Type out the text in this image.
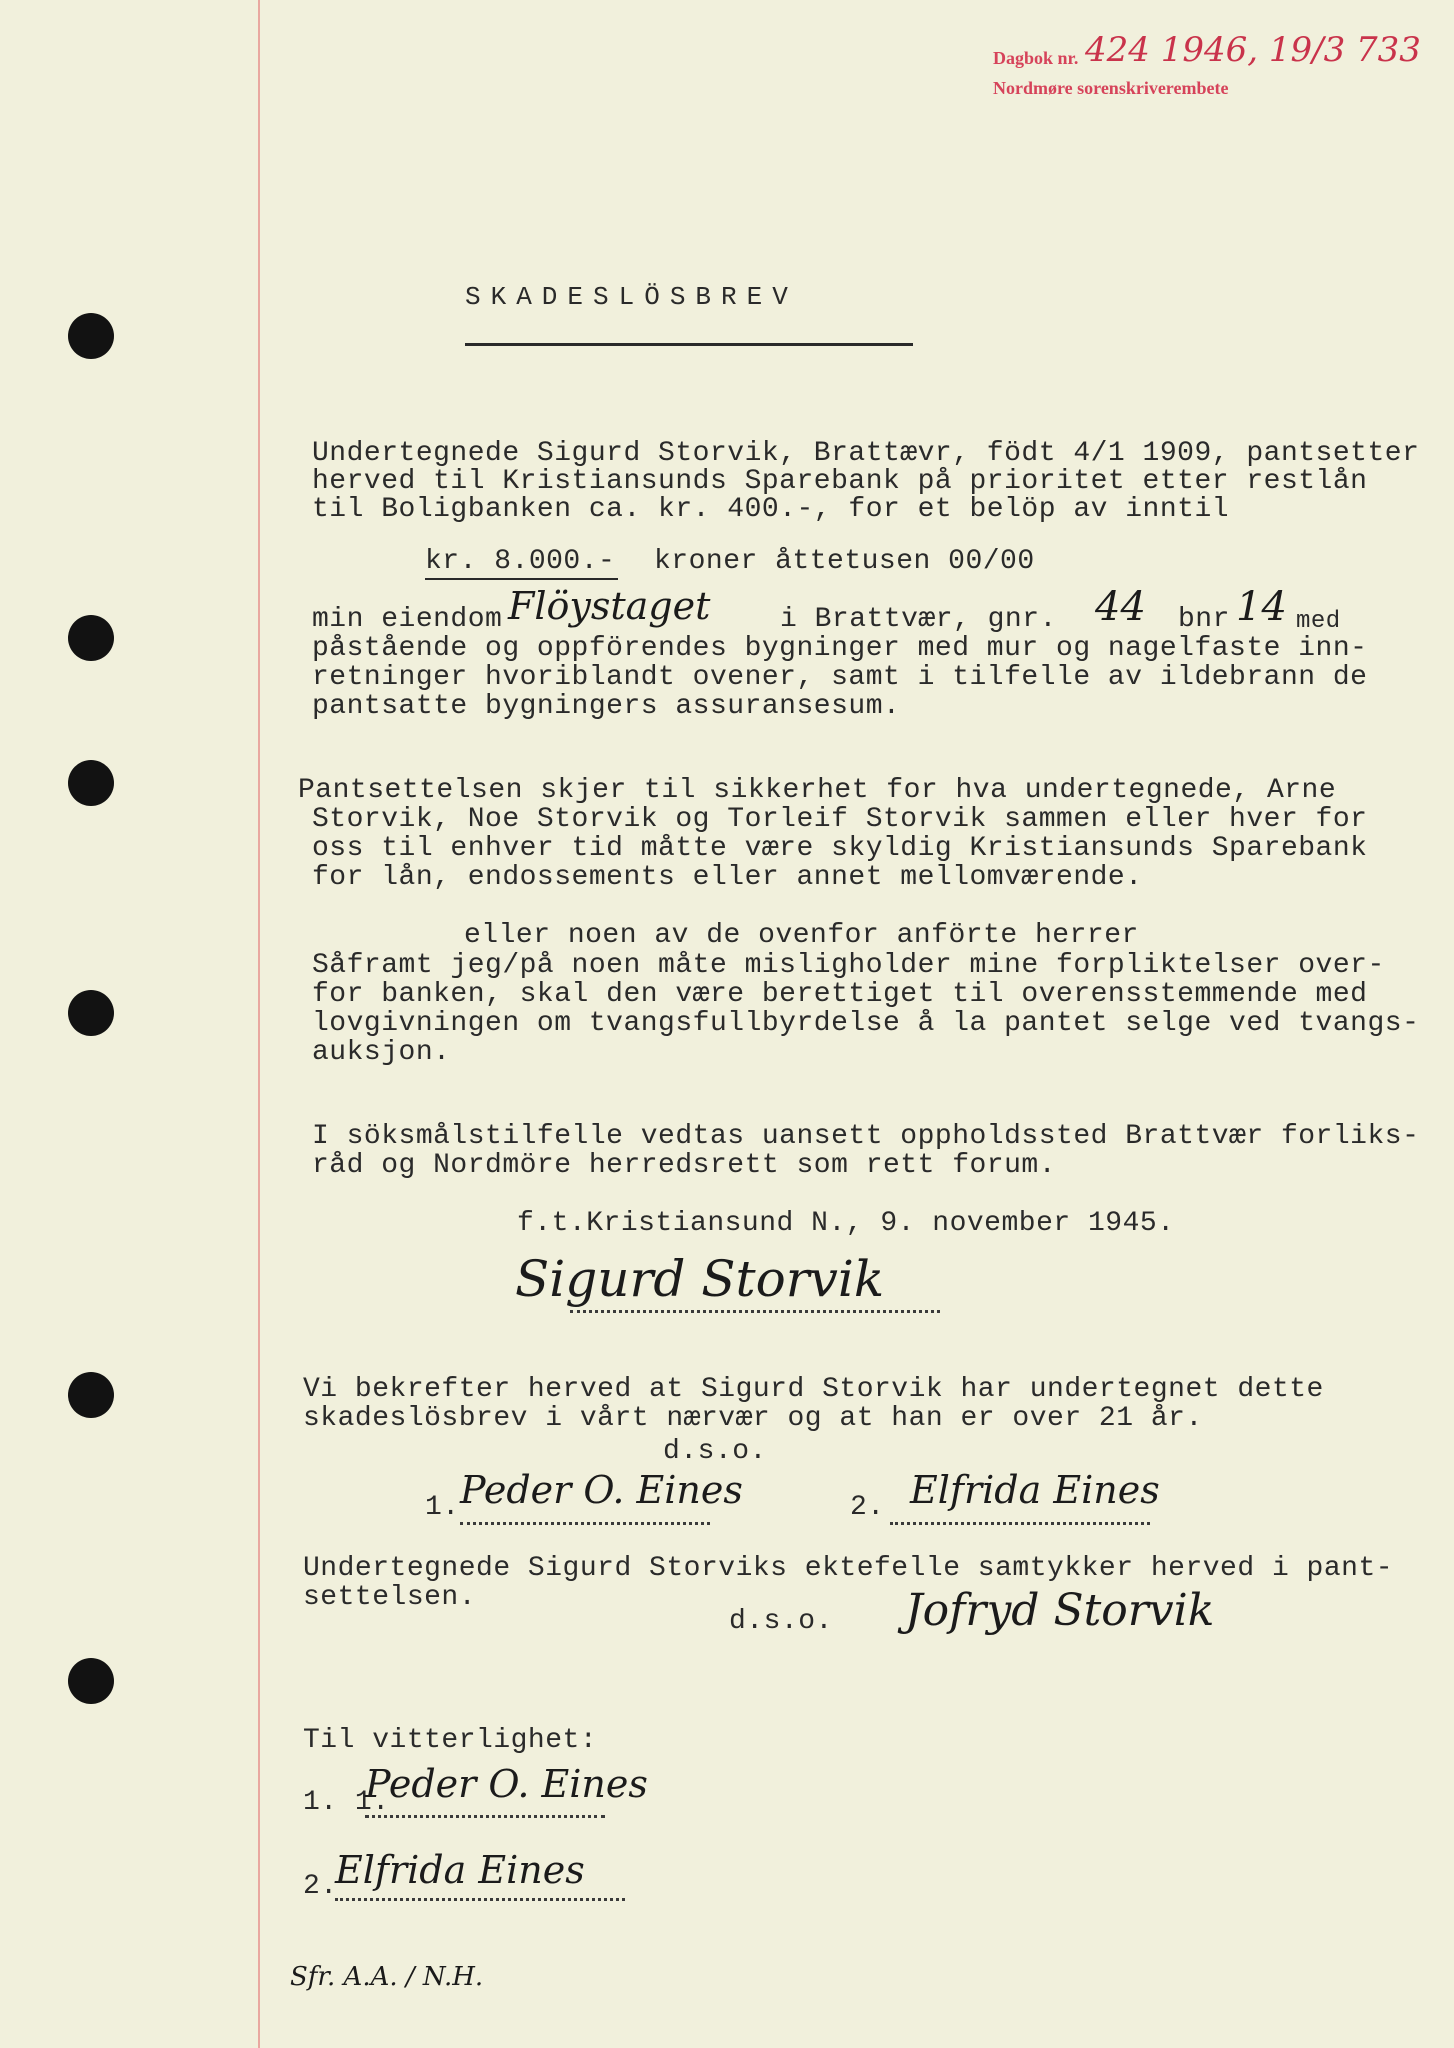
Dagbok nr. 424 1946, 19/3 733
Nordmøre sorenskriverembete
SKADESLÖSBREV
Undertegnede Sigurd Storvik, Brattævr, födt 4/1 1909, pantsetter
herved til Kristiansunds Sparebank på prioritet etter restlån
til Boligbanken ca. kr. 400.-, for et belöp av inntil
kr. 8.000.- kroner åttetusen 00/00
min eiendom Flöystaget i Brattvær, gnr. 44 bnr 14 med
påstående og oppförendes bygninger med mur og nagelfaste inn-
retninger hvoriblandt ovener, samt i tilfelle av ildebrann de
pantsatte bygningers assuransesum.
Pantsettelsen skjer til sikkerhet for hva undertegnede, Arne
Storvik, Noe Storvik og Torleif Storvik sammen eller hver for
oss til enhver tid måtte være skyldig Kristiansunds Sparebank
for lån, endossements eller annet mellomværende.
eller noen av de ovenfor anförte herrer
Såframt jeg/på noen måte misligholder mine forpliktelser over-
for banken, skal den være berettiget til overensstemmende med
lovgivningen om tvangsfullbyrdelse å la pantet selge ved tvangs-
auksjon.
I söksmålstilfelle vedtas uansett oppholdssted Brattvær forliks-
råd og Nordmöre herredsrett som rett forum.
f.t.Kristiansund N., 9. november 1945.
Sigurd Storvik
Vi bekrefter herved at Sigurd Storvik har undertegnet dette
skadeslösbrev i vårt nærvær og at han er over 21 år.
d.s.o.
1. Peder O. Eines	2. Elfrida Eines
Undertegnede Sigurd Storviks ektefelle samtykker herved i pant-
settelsen.
d.s.o. Jofryd Storvik
Til vitterlighet:
1. 1.
Peder O. Eines
2.
Elfrida Eines
Sfr. A.A. / N.H.
